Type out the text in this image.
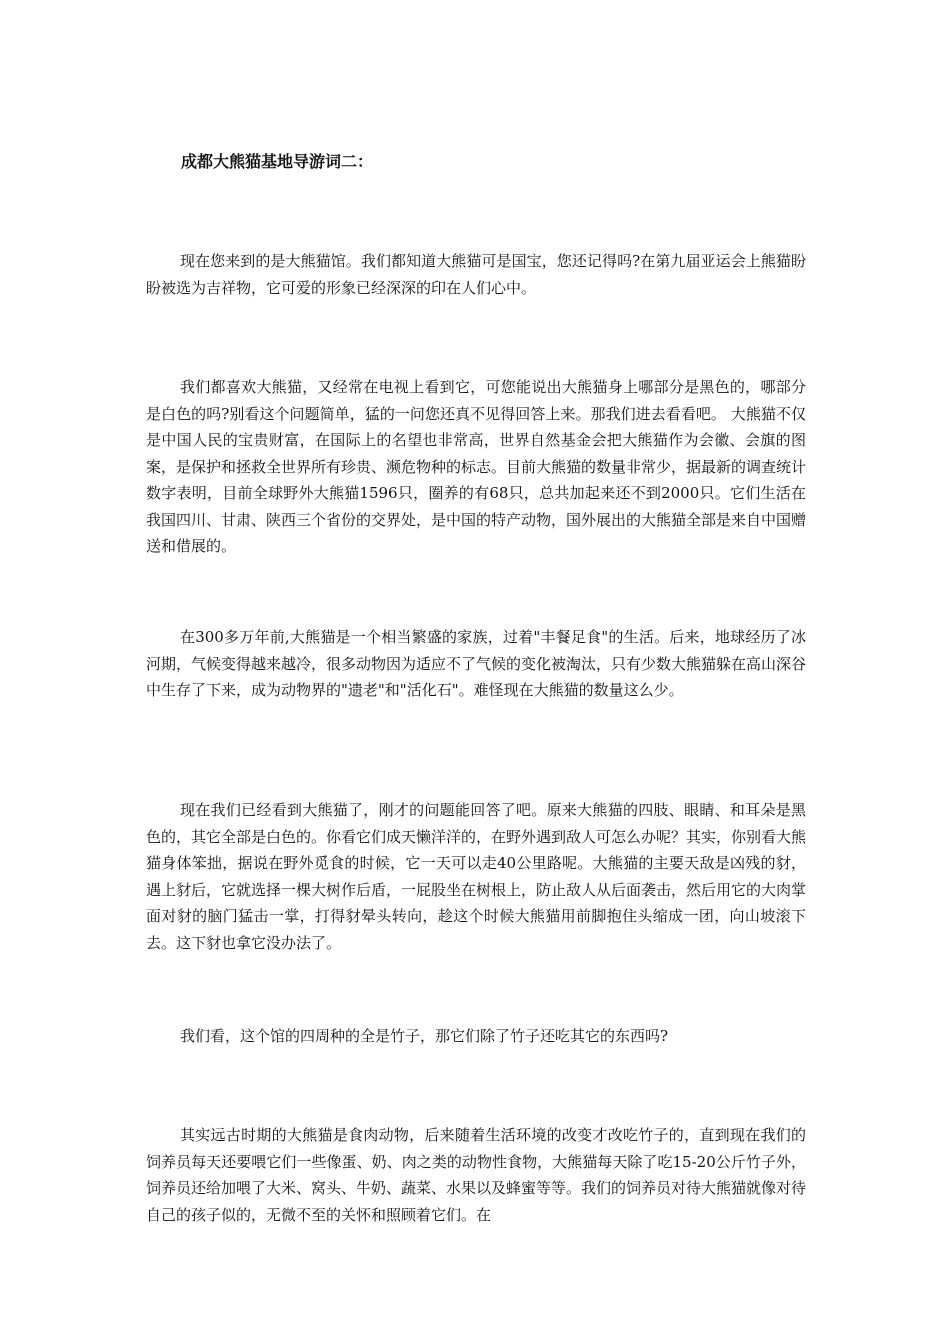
成都大熊猫基地导游词二：

现在您来到的是大熊猫馆。我们都知道大熊猫可是国宝，您还记得吗?在第九届亚运会上熊猫盼盼被选为吉祥物，它可爱的形象已经深深的印在人们心中。

我们都喜欢大熊猫，又经常在电视上看到它，可您能说出大熊猫身上哪部分是黑色的，哪部分是白色的吗?别看这个问题简单，猛的一问您还真不见得回答上来。那我们进去看看吧。 大熊猫不仅是中国人民的宝贵财富，在国际上的名望也非常高，世界自然基金会把大熊猫作为会徽、会旗的图案，是保护和拯救全世界所有珍贵、濒危物种的标志。目前大熊猫的数量非常少，据最新的调查统计数字表明，目前全球野外大熊猫1596只，圈养的有68只，总共加起来还不到2000只。它们生活在我国四川、甘肃、陕西三个省份的交界处，是中国的特产动物，国外展出的大熊猫全部是来自中国赠送和借展的。

在300多万年前,大熊猫是一个相当繁盛的家族，过着"丰餐足食"的生活。后来，地球经历了冰河期，气候变得越来越冷，很多动物因为适应不了气候的变化被淘汰，只有少数大熊猫躲在高山深谷中生存了下来，成为动物界的"遗老"和"活化石"。难怪现在大熊猫的数量这么少。

现在我们已经看到大熊猫了，刚才的问题能回答了吧。原来大熊猫的四肢、眼睛、和耳朵是黑色的，其它全部是白色的。你看它们成天懒洋洋的，在野外遇到敌人可怎么办呢？其实，你别看大熊猫身体笨拙，据说在野外觅食的时候，它一天可以走40公里路呢。大熊猫的主要天敌是凶残的豺，遇上豺后，它就选择一棵大树作后盾，一屁股坐在树根上，防止敌人从后面袭击，然后用它的大肉掌面对豺的脑门猛击一掌，打得豺晕头转向，趁这个时候大熊猫用前脚抱住头缩成一团，向山坡滚下去。这下豺也拿它没办法了。

我们看，这个馆的四周种的全是竹子，那它们除了竹子还吃其它的东西吗?

其实远古时期的大熊猫是食肉动物，后来随着生活环境的改变才改吃竹子的，直到现在我们的饲养员每天还要喂它们一些像蛋、奶、肉之类的动物性食物，大熊猫每天除了吃15-20公斤竹子外，饲养员还给加喂了大米、窝头、牛奶、蔬菜、水果以及蜂蜜等等。我们的饲养员对待大熊猫就像对待自己的孩子似的，无微不至的关怀和照顾着它们。在
